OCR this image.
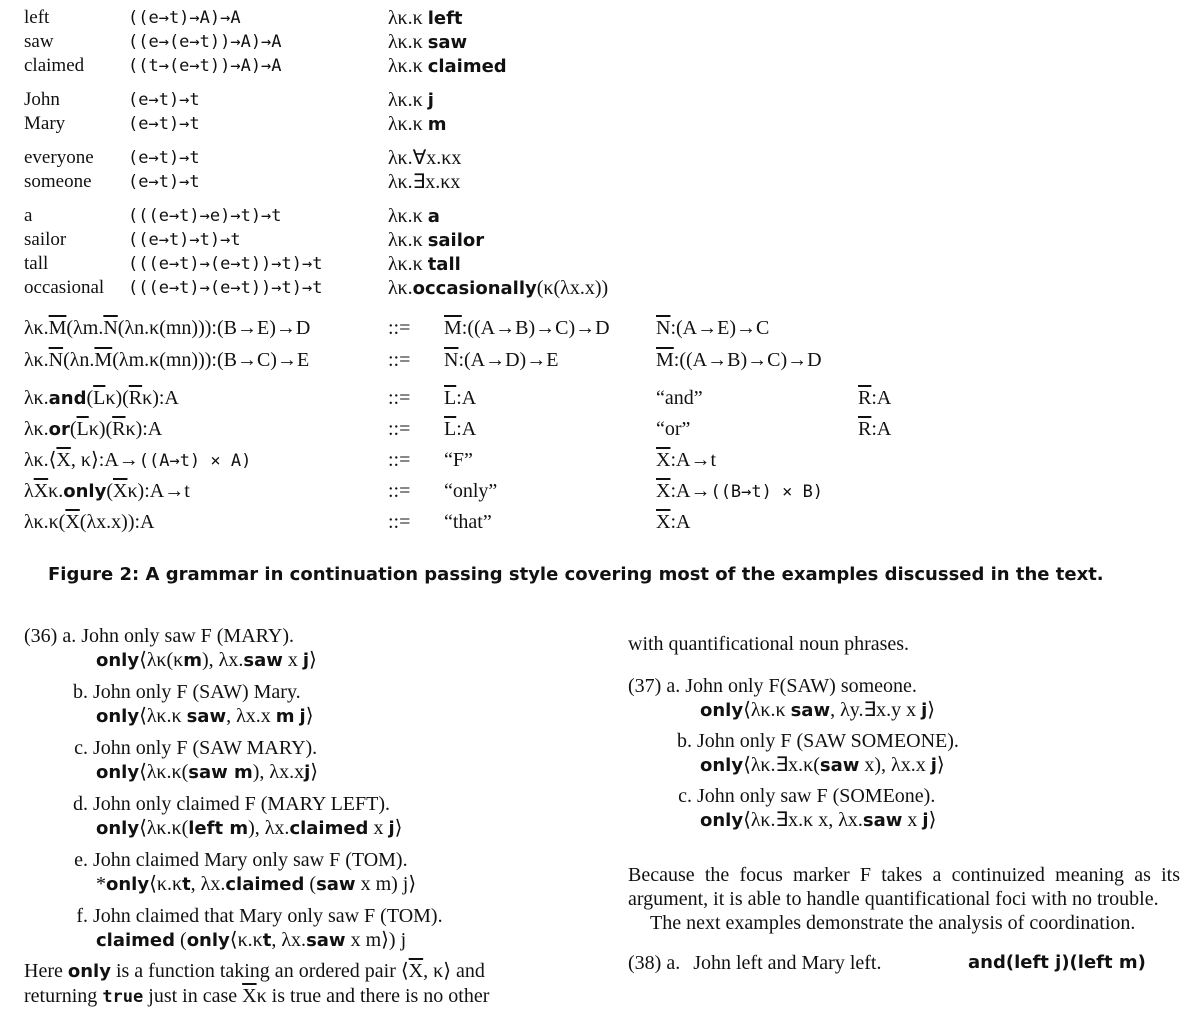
left	((e→t)→A)→A	λκ.κ left
saw	((e→(e→t))→A)→A	λκ.κ saw
claimed	((t→(e→t))→A)→A	λκ.κ claimed
John	(e→t)→t	λκ.κ j
Mary	(e→t)→t	λκ.κ m
everyone (e→t)→t	λκ.∀x.κx
someone (e→t)→t	λκ.∃x.κx
a	(((e→t)→e)→t)→t	λκ.κ a
sailor	((e→t)→t)→t	λκ.κ sailor
tall	(((e→t)→(e→t))→t)→t	λκ.κ tall
occasional (((e→t)→(e→t))→t)→t	λκ.occasionally(κ(λx.x))
$\lambda\kappa.\overline{M}(\lambda m.\overline{N}(\lambda n.\kappa(mn))):(B\to E)\to D$	::= $\overline{M}:((A\to B)\to C)\to D$ $\overline{N}:(A\to E)\to C$
$\lambda\kappa.\overline{N}(\lambda n.\overline{M}(\lambda m.\kappa(mn))):(B\to C)\to E$	::= $\overline{N}:(A\to D)\to E$	$\overline{M}:((A\to B)\to C)\to D$
$\lambda\kappa.and(\overline{L}\kappa)(\overline{R}\kappa):A$	::= $\overline{L}:A$	“and”	$\overline{R}:A$
$\lambda\kappa.or(\overline{L}\kappa)(\overline{R}\kappa):A$	::= $\overline{L}:A$	“or”	$\overline{R}:A$
$\lambda\kappa.⟨\overline{X}$, κ⟩:A→((A→t) × A)	::= “F”	$\overline{X}:A\to t$
$\lambda\overline{X}\kappa.only(\overline{X}\kappa):A\to t$	::= “only”	$\overline{X}:A\to((B\to t) \times B)$
$\lambda\kappa.\kappa(\overline{X}(\lambda x.x)):A$	::= “that”	$\overline{X}:A$
Figure 2: A grammar in continuation passing style covering most of the examples discussed in the text.
(36) a. John only saw F (MARY).
only⟨λκ(κm), λx.saw x j⟩
b. John only F (SAW) Mary.
only⟨λκ.κ saw, λx.x m j⟩
c. John only F (SAW MARY).
only⟨λκ.κ(saw m), λx.xj⟩
d. John only claimed F (MARY LEFT).
only⟨λκ.κ(left m), λx.claimed x j⟩
e. John claimed Mary only saw F (TOM).
*only⟨κ.κt, λx.claimed (saw x m) j⟩
f. John claimed that Mary only saw F (TOM).
claimed (only⟨κ.κt, λx.saw x m⟩) j
Here only is a function taking an ordered pair $⟨\overline{X}$, κ⟩ and
returning true just in case $\overline{X}\kappa$ is true and there is no other
with quantificational noun phrases.
(37) a. John only F(SAW) someone.
only⟨λκ.κ saw, λy.∃x.y x j⟩
b. John only F (SAW SOMEONE).
only⟨λκ.∃x.κ(saw x), λx.x j⟩
c. John only saw F (SOMEone).
only⟨λκ.∃x.κ x, λx.saw x j⟩
Because the focus marker F takes a continuized meaning as its argument, it is able to handle quantificational foci with no trouble.
The next examples demonstrate the analysis of coordination.
(38) a. John left and Mary left.	and(left j)(left m)
